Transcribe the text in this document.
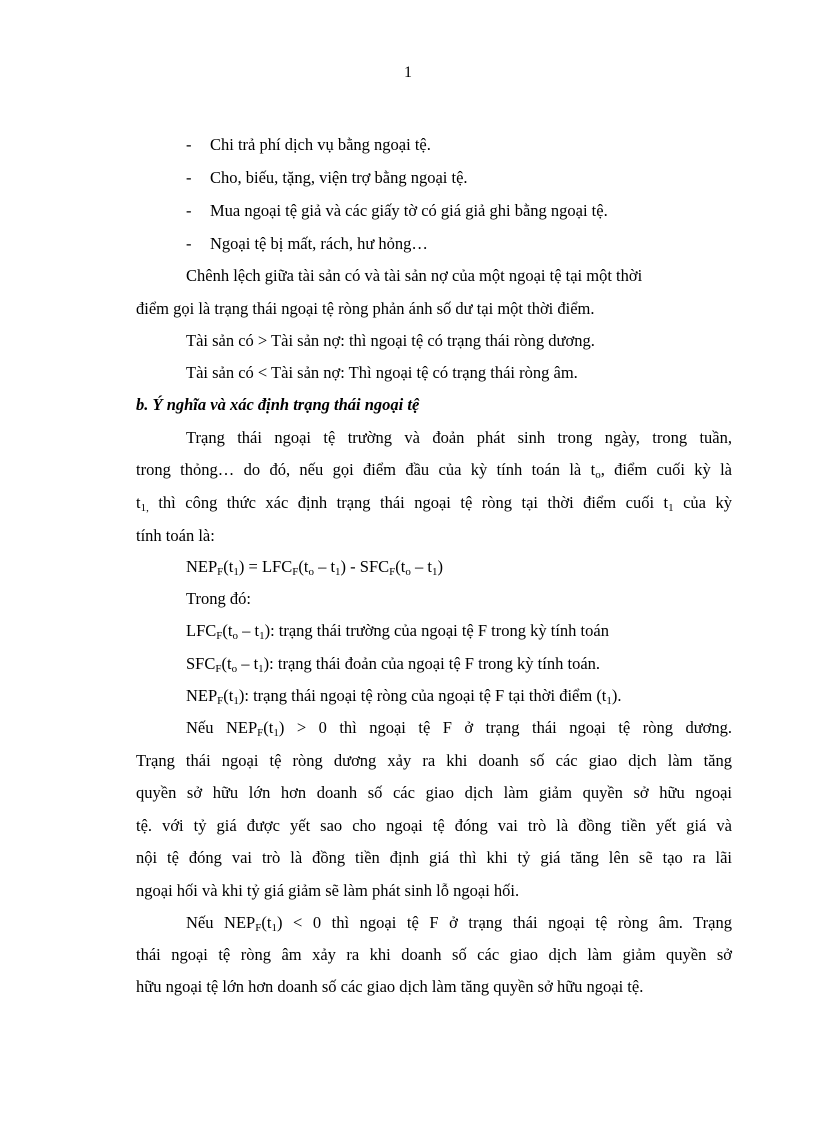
1
- Chi trả phí dịch vụ bằng ngoại tệ.
- Cho, biếu, tặng, viện trợ bằng ngoại tệ.
- Mua ngoại tệ giả và các giấy tờ có giá giả ghi bằng ngoại tệ.
- Ngoại tệ bị mất, rách, hư hỏng…
Chênh lệch giữa tài sản có và tài sản nợ của một ngoại tệ tại một thời
điểm gọi là trạng thái ngoại tệ ròng phản ánh số dư tại một thời điểm.
Tài sản có > Tài sản nợ: thì ngoại tệ có trạng thái ròng dương.
Tài sản có < Tài sản nợ: Thì ngoại tệ có trạng thái ròng âm.
b. Ý nghĩa và xác định trạng thái ngoại tệ
Trạng thái ngoại tệ trường và đoản phát sinh trong ngày, trong tuần,
trong thỏng… do đó, nếu gọi điểm đầu của kỳ tính toán là $t_o$, điểm cuối kỳ là
$t_{1,}$ thì công thức xác định trạng thái ngoại tệ ròng tại thời điểm cuối $t_1$ của kỳ
tính toán là:
$NEP_F(t_1) = LFC_F(t_o - t_1) - SFC_F(t_o - t_1)$
Trong đó:
$LFC_F(t_o - t_1)$: trạng thái trường của ngoại tệ F trong kỳ tính toán
$SFC_F(t_o - t_1)$: trạng thái đoản của ngoại tệ F trong kỳ tính toán.
$NEP_F(t_1)$: trạng thái ngoại tệ ròng của ngoại tệ F tại thời điểm $(t_1)$.
Nếu $NEP_F(t_1) > 0$ thì ngoại tệ F ở trạng thái ngoại tệ ròng dương.
Trạng thái ngoại tệ ròng dương xảy ra khi doanh số các giao dịch làm tăng
quyền sở hữu lớn hơn doanh số các giao dịch làm giảm quyền sở hữu ngoại
tệ. với tỷ giá được yết sao cho ngoại tệ đóng vai trò là đồng tiền yết giá và
nội tệ đóng vai trò là đồng tiền định giá thì khi tỷ giá tăng lên sẽ tạo ra lãi
ngoại hối và khi tỷ giá giảm sẽ làm phát sinh lỗ ngoại hối.
Nếu $NEP_F(t_1) < 0$ thì ngoại tệ F ở trạng thái ngoại tệ ròng âm. Trạng
thái ngoại tệ ròng âm xảy ra khi doanh số các giao dịch làm giảm quyền sở
hữu ngoại tệ lớn hơn doanh số các giao dịch làm tăng quyền sở hữu ngoại tệ.
